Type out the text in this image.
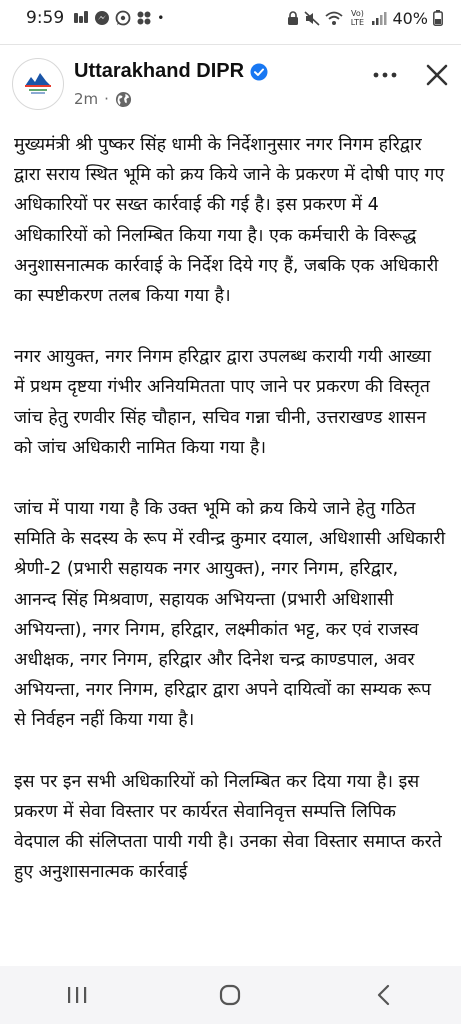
9:59	•	Vo) LTE 40%
Uttarakhand DIPR
2m ·

मुख्यमंत्री श्री पुष्कर सिंह धामी के निर्देशानुसार नगर निगम हरिद्वार द्वारा सराय स्थित भूमि को क्रय किये जाने के प्रकरण में दोषी पाए गए अधिकारियों पर सख्त कार्रवाई की गई है। इस प्रकरण में 4 अधिकारियों को निलम्बित किया गया है। एक कर्मचारी के विरूद्ध अनुशासनात्मक कार्रवाई के निर्देश दिये गए हैं, जबकि एक अधिकारी का स्पष्टीकरण तलब किया गया है।

नगर आयुक्त, नगर निगम हरिद्वार द्वारा उपलब्ध करायी गयी आख्या में प्रथम दृष्टया गंभीर अनियमितता पाए जाने पर प्रकरण की विस्तृत जांच हेतु रणवीर सिंह चौहान, सचिव गन्ना चीनी, उत्तराखण्ड शासन को जांच अधिकारी नामित किया गया है।

जांच में पाया गया है कि उक्त भूमि को क्रय किये जाने हेतु गठित समिति के सदस्य के रूप में रवीन्द्र कुमार दयाल, अधिशासी अधिकारी श्रेणी-2 (प्रभारी सहायक नगर आयुक्त), नगर निगम, हरिद्वार, आनन्द सिंह मिश्रवाण, सहायक अभियन्ता (प्रभारी अधिशासी अभियन्ता), नगर निगम, हरिद्वार, लक्ष्मीकांत भट्ट, कर एवं राजस्व अधीक्षक, नगर निगम, हरिद्वार और दिनेश चन्द्र काण्डपाल, अवर अभियन्ता, नगर निगम, हरिद्वार द्वारा अपने दायित्वों का सम्यक रूप से निर्वहन नहीं किया गया है।

इस पर इन सभी अधिकारियों को निलम्बित कर दिया गया है। इस प्रकरण में सेवा विस्तार पर कार्यरत सेवानिवृत्त सम्पत्ति लिपिक वेदपाल की संलिप्तता पायी गयी है। उनका सेवा विस्तार समाप्त करते हुए अनुशासनात्मक कार्रवाई
